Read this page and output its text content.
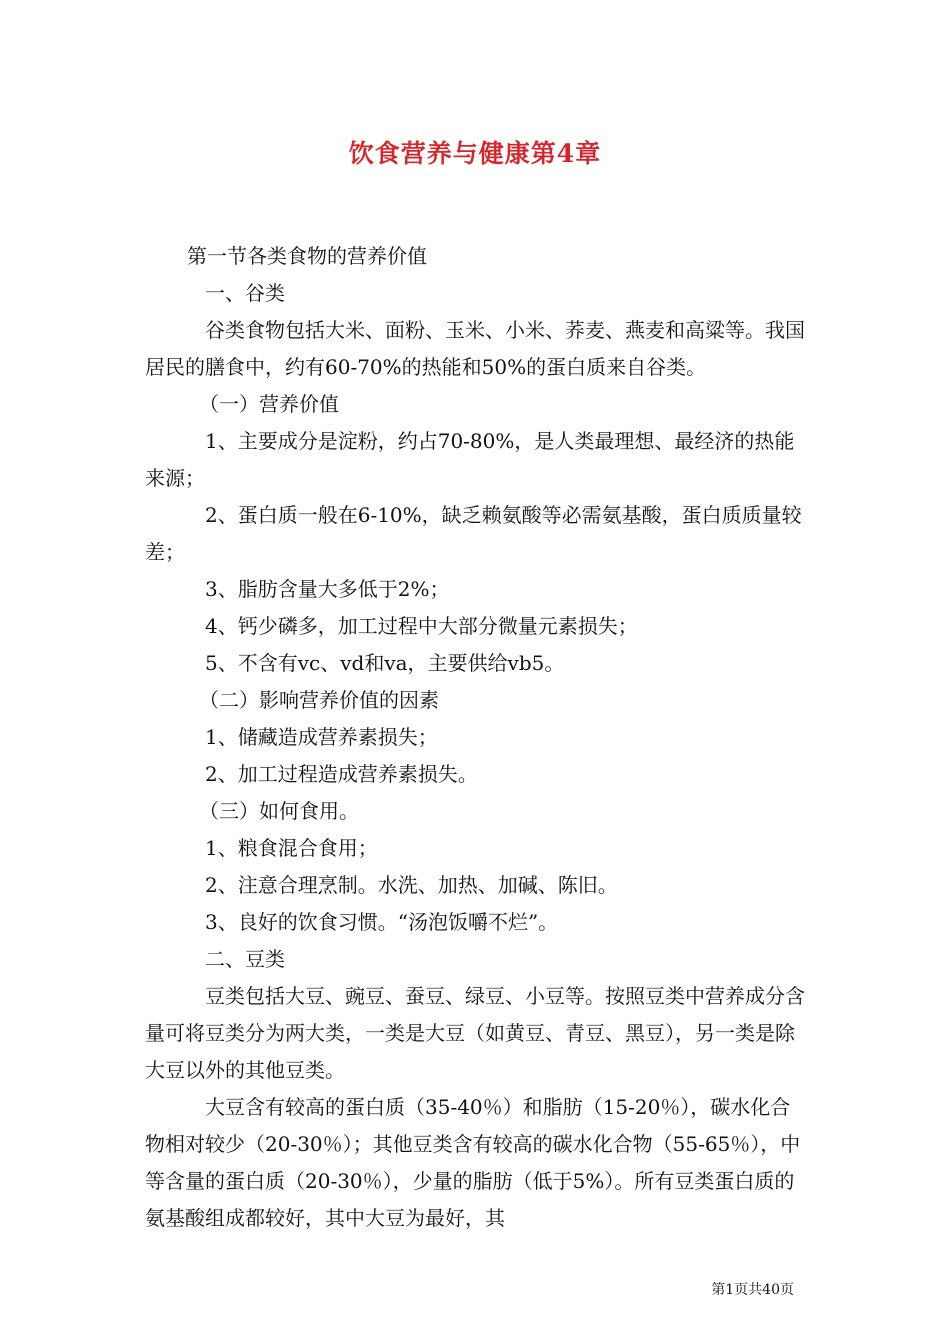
饮食营养与健康第4章

第一节各类食物的营养价值

一、谷类

谷类食物包括大米、面粉、玉米、小米、荞麦、燕麦和高粱等。我国居民的膳食中，约有60-70%的热能和50%的蛋白质来自谷类。

（一）营养价值

1、主要成分是淀粉，约占70-80%，是人类最理想、最经济的热能来源；

2、蛋白质一般在6-10%，缺乏赖氨酸等必需氨基酸，蛋白质质量较差；

3、脂肪含量大多低于2%；

4、钙少磷多，加工过程中大部分微量元素损失；

5、不含有vc、vd和va，主要供给vb5。

（二）影响营养价值的因素

1、储藏造成营养素损失；

2、加工过程造成营养素损失。

（三）如何食用。

1、粮食混合食用；

2、注意合理烹制。水洗、加热、加碱、陈旧。

3、良好的饮食习惯。“汤泡饭嚼不烂”。

二、豆类

豆类包括大豆、豌豆、蚕豆、绿豆、小豆等。按照豆类中营养成分含量可将豆类分为两大类，一类是大豆（如黄豆、青豆、黑豆），另一类是除大豆以外的其他豆类。

大豆含有较高的蛋白质（35-40％）和脂肪（15-20％），碳水化合物相对较少（20-30％）；其他豆类含有较高的碳水化合物（55-65％），中等含量的蛋白质（20-30％），少量的脂肪（低于5%）。所有豆类蛋白质的氨基酸组成都较好，其中大豆为最好，其

第1页共40页
